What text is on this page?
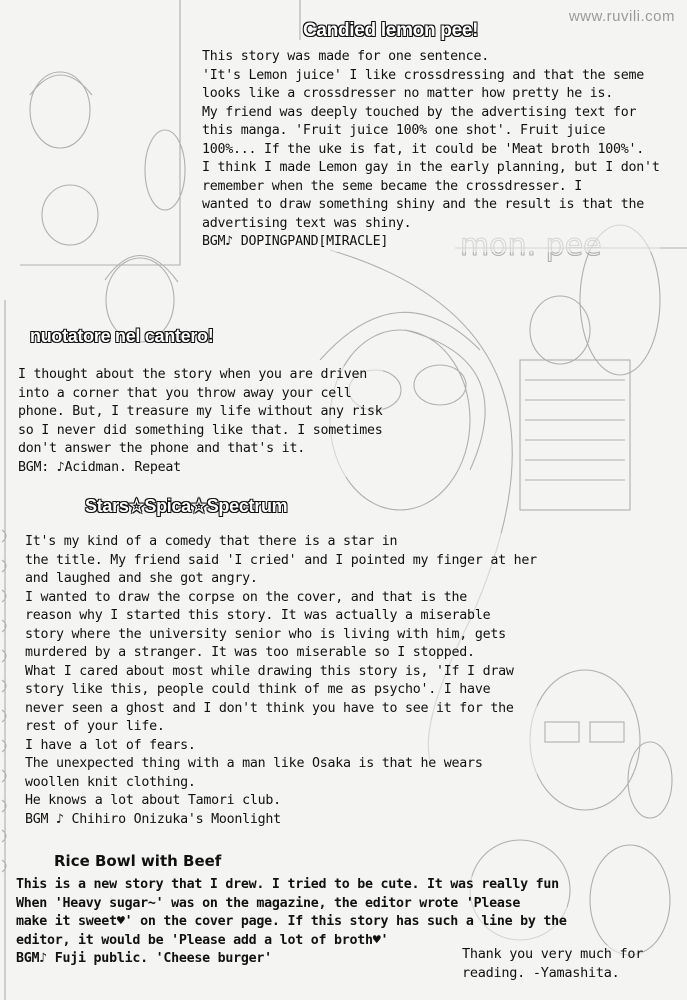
www.ruvili.com
Candied lemon pee!
This story was made for one sentence.
'It's Lemon juice' I like crossdressing and that the seme
looks like a crossdresser no matter how pretty he is.
My friend was deeply touched by the advertising text for
this manga. 'Fruit juice 100% one shot'. Fruit juice
100%... If the uke is fat, it could be 'Meat broth 100%'.
I think I made Lemon gay in the early planning, but I don't
remember when the seme became the crossdresser. I
wanted to draw something shiny and the result is that the
advertising text was shiny.
BGM♪ DOPINGPAND[MIRACLE]
nuotatore nel cantero!
I thought about the story when you are driven
into a corner that you throw away your cell
phone. But, I treasure my life without any risk
so I never did something like that. I sometimes
don't answer the phone and that's it.
BGM: ♪Acidman. Repeat
Stars☆Spica☆Spectrum
It's my kind of a comedy that there is a star in
the title. My friend said 'I cried' and I pointed my finger at her
and laughed and she got angry.
I wanted to draw the corpse on the cover, and that is the
reason why I started this story. It was actually a miserable
story where the university senior who is living with him, gets
murdered by a stranger. It was too miserable so I stopped.
What I cared about most while drawing this story is, 'If I draw
story like this, people could think of me as psycho'. I have
never seen a ghost and I don't think you have to see it for the
rest of your life.
I have a lot of fears.
The unexpected thing with a man like Osaka is that he wears
woollen knit clothing.
He knows a lot about Tamori club.
BGM ♪ Chihiro Onizuka's Moonlight
Rice Bowl with Beef
This is a new story that I drew. I tried to be cute. It was really fun
When 'Heavy sugar~' was on the magazine, the editor wrote 'Please
make it sweet♥' on the cover page. If this story has such a line by the
editor, it would be 'Please add a lot of broth♥'
BGM♪ Fuji public. 'Cheese burger'	Thank you very much for
reading. -Yamashita.
